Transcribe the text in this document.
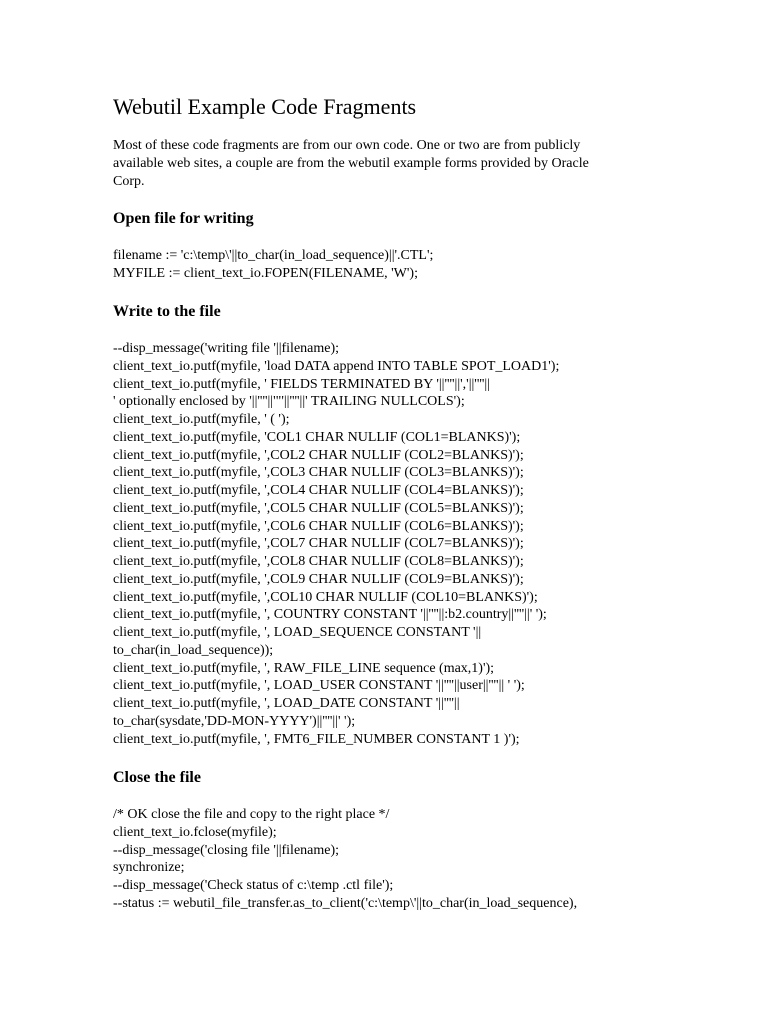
Webutil Example Code Fragments
Most of these code fragments are from our own code. One or two are from publicly
available web sites, a couple are from the webutil example forms provided by Oracle
Corp.
Open file for writing
filename := 'c:\temp\'||to_char(in_load_sequence)||'.CTL';
MYFILE := client_text_io.FOPEN(FILENAME, 'W');
Write to the file
--disp_message('writing file '||filename);
client_text_io.putf(myfile, 'load DATA append INTO TABLE SPOT_LOAD1');
client_text_io.putf(myfile, ' FIELDS TERMINATED BY '||''''||','||''''||
' optionally enclosed by '||''''||'"'||''''||' TRAILING NULLCOLS');
client_text_io.putf(myfile, ' ( ');
client_text_io.putf(myfile, 'COL1 CHAR NULLIF (COL1=BLANKS)');
client_text_io.putf(myfile, ',COL2 CHAR NULLIF (COL2=BLANKS)');
client_text_io.putf(myfile, ',COL3 CHAR NULLIF (COL3=BLANKS)');
client_text_io.putf(myfile, ',COL4 CHAR NULLIF (COL4=BLANKS)');
client_text_io.putf(myfile, ',COL5 CHAR NULLIF (COL5=BLANKS)');
client_text_io.putf(myfile, ',COL6 CHAR NULLIF (COL6=BLANKS)');
client_text_io.putf(myfile, ',COL7 CHAR NULLIF (COL7=BLANKS)');
client_text_io.putf(myfile, ',COL8 CHAR NULLIF (COL8=BLANKS)');
client_text_io.putf(myfile, ',COL9 CHAR NULLIF (COL9=BLANKS)');
client_text_io.putf(myfile, ',COL10 CHAR NULLIF (COL10=BLANKS)');
client_text_io.putf(myfile, ', COUNTRY CONSTANT '||''''||:b2.country||''''||' ');
client_text_io.putf(myfile, ', LOAD_SEQUENCE CONSTANT '||
to_char(in_load_sequence));
client_text_io.putf(myfile, ', RAW_FILE_LINE sequence (max,1)');
client_text_io.putf(myfile, ', LOAD_USER CONSTANT '||''''||user||''''|| ' ');
client_text_io.putf(myfile, ', LOAD_DATE CONSTANT '||''''||
to_char(sysdate,'DD-MON-YYYY')||''''||' ');
client_text_io.putf(myfile, ', FMT6_FILE_NUMBER CONSTANT 1 )');
Close the file
/* OK close the file and copy to the right place */
client_text_io.fclose(myfile);
--disp_message('closing file '||filename);
synchronize;
--disp_message('Check status of c:\temp .ctl file');
--status := webutil_file_transfer.as_to_client('c:\temp\'||to_char(in_load_sequence),
